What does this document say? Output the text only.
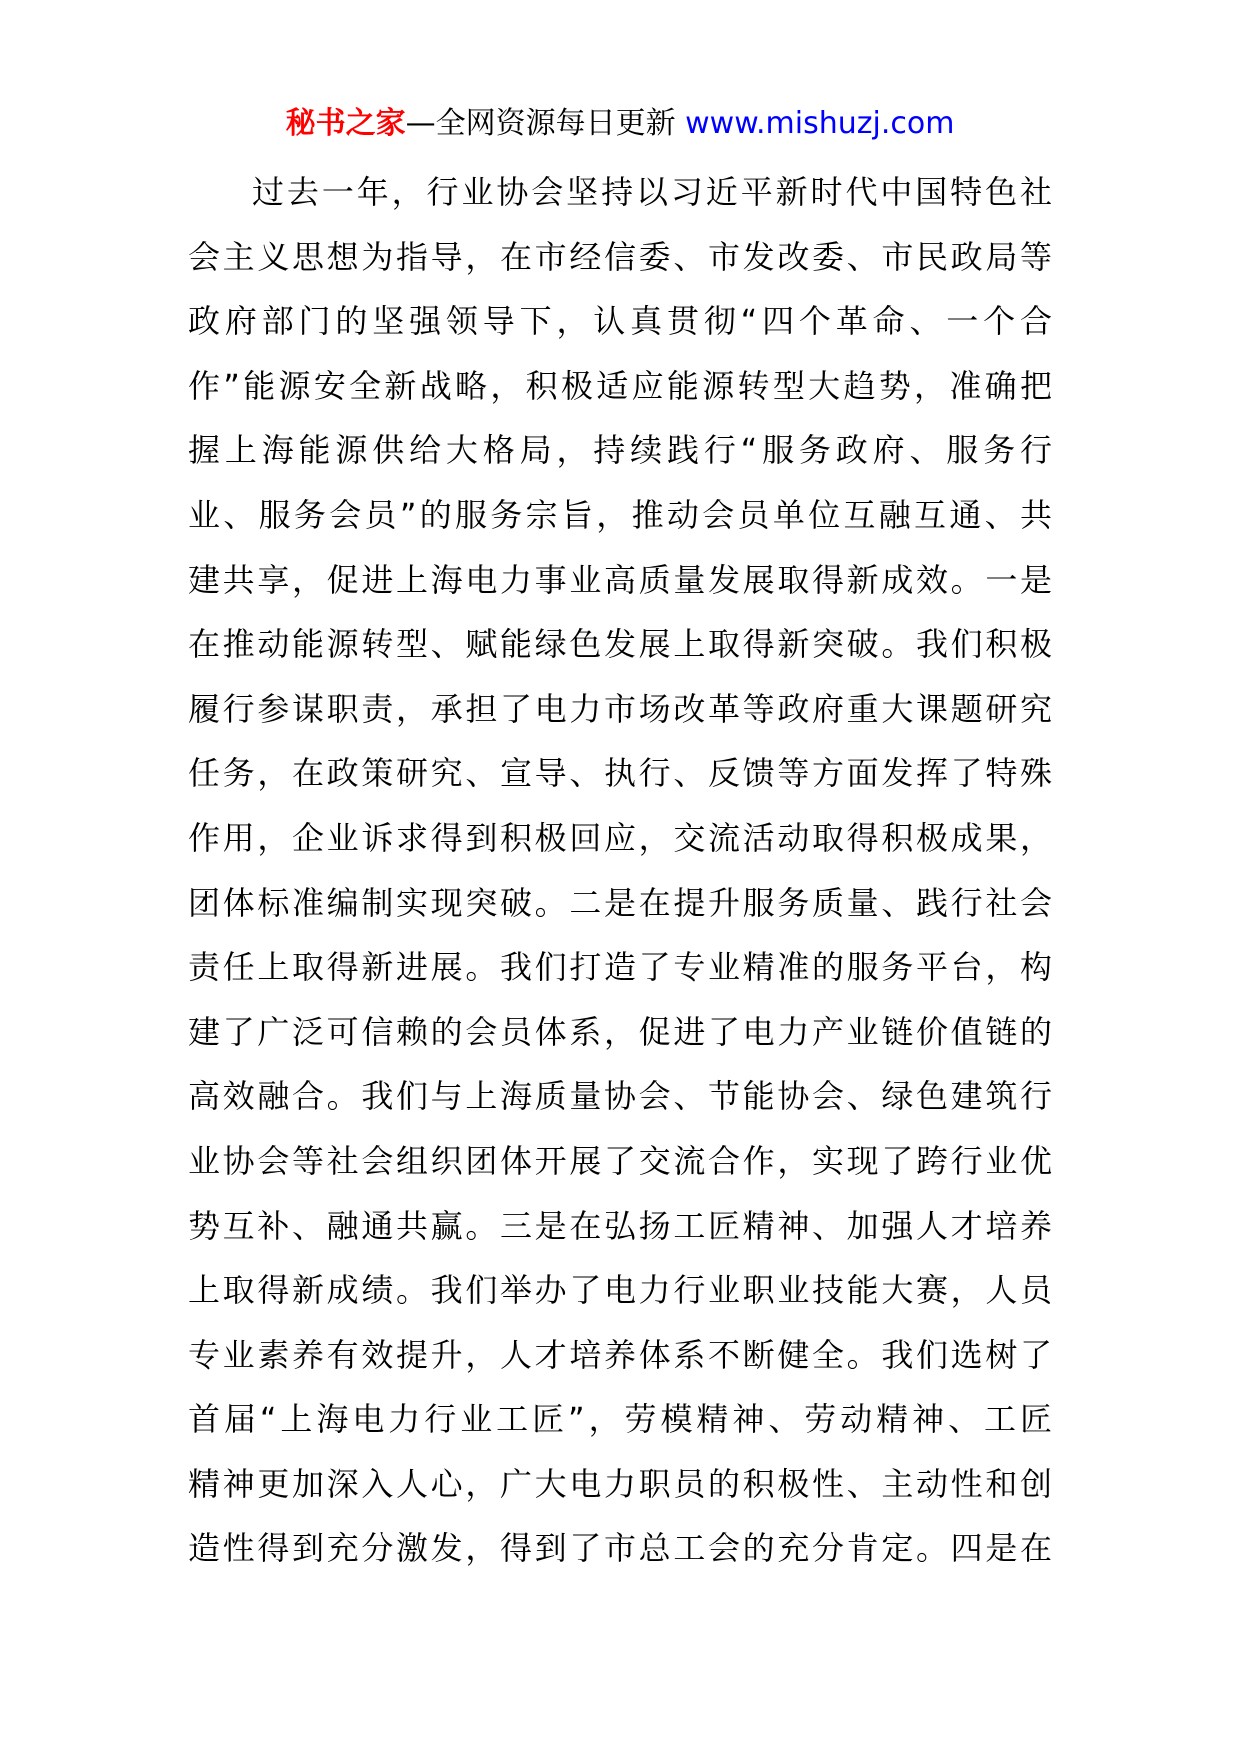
秘书之家—全网资源每日更新 www.mishuzj.com
过去一年，行业协会坚持以习近平新时代中国特色社
会主义思想为指导，在市经信委、市发改委、市民政局等
政府部门的坚强领导下，认真贯彻“四个革命、一个合
作”能源安全新战略，积极适应能源转型大趋势，准确把
握上海能源供给大格局，持续践行“服务政府、服务行
业、服务会员”的服务宗旨，推动会员单位互融互通、共
建共享，促进上海电力事业高质量发展取得新成效。一是
在推动能源转型、赋能绿色发展上取得新突破。我们积极
履行参谋职责，承担了电力市场改革等政府重大课题研究
任务，在政策研究、宣导、执行、反馈等方面发挥了特殊
作用，企业诉求得到积极回应，交流活动取得积极成果，
团体标准编制实现突破。二是在提升服务质量、践行社会
责任上取得新进展。我们打造了专业精准的服务平台，构
建了广泛可信赖的会员体系，促进了电力产业链价值链的
高效融合。我们与上海质量协会、节能协会、绿色建筑行
业协会等社会组织团体开展了交流合作，实现了跨行业优
势互补、融通共赢。三是在弘扬工匠精神、加强人才培养
上取得新成绩。我们举办了电力行业职业技能大赛，人员
专业素养有效提升，人才培养体系不断健全。我们选树了
首届“上海电力行业工匠”，劳模精神、劳动精神、工匠
精神更加深入人心，广大电力职员的积极性、主动性和创
造性得到充分激发，得到了市总工会的充分肯定。四是在
